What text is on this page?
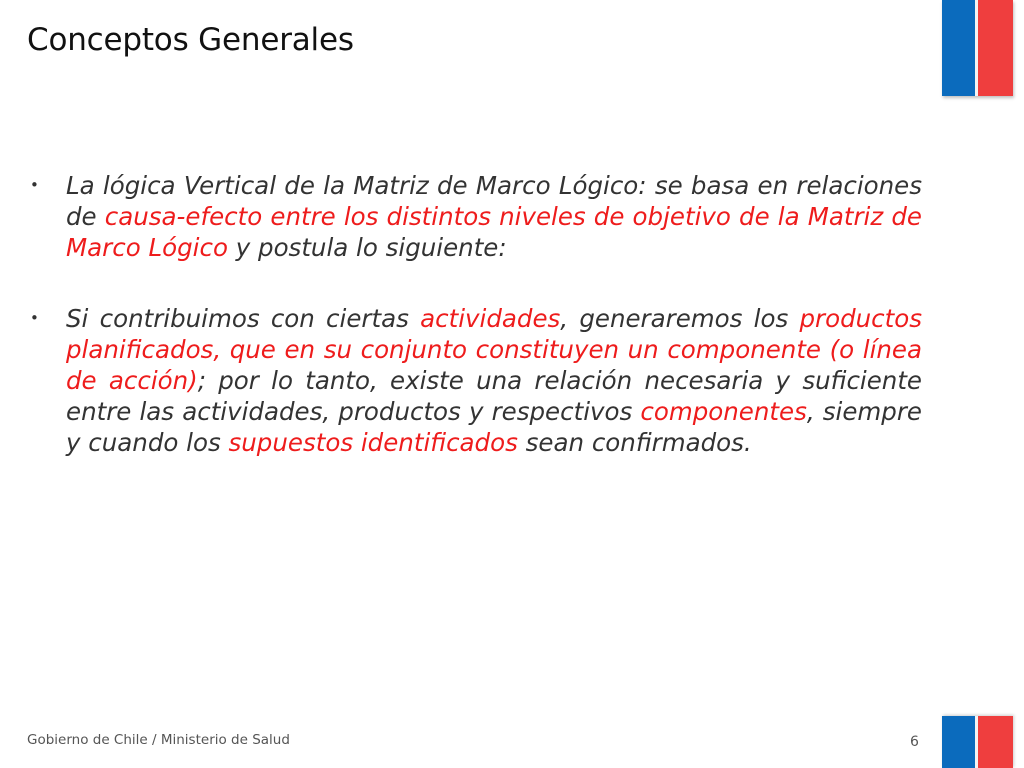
Conceptos Generales
•	La lógica Vertical de la Matriz de Marco Lógico: se basa en relaciones de causa-efecto entre los distintos niveles de objetivo de la Matriz de Marco Lógico y postula lo siguiente:

•	Si contribuimos con ciertas actividades, generaremos los productos planificados, que en su conjunto constituyen un componente (o línea de acción); por lo tanto, existe una relación necesaria y suficiente entre las actividades, productos y respectivos componentes, siempre y cuando los supuestos identificados sean confirmados.

Gobierno de Chile / Ministerio de Salud	6
